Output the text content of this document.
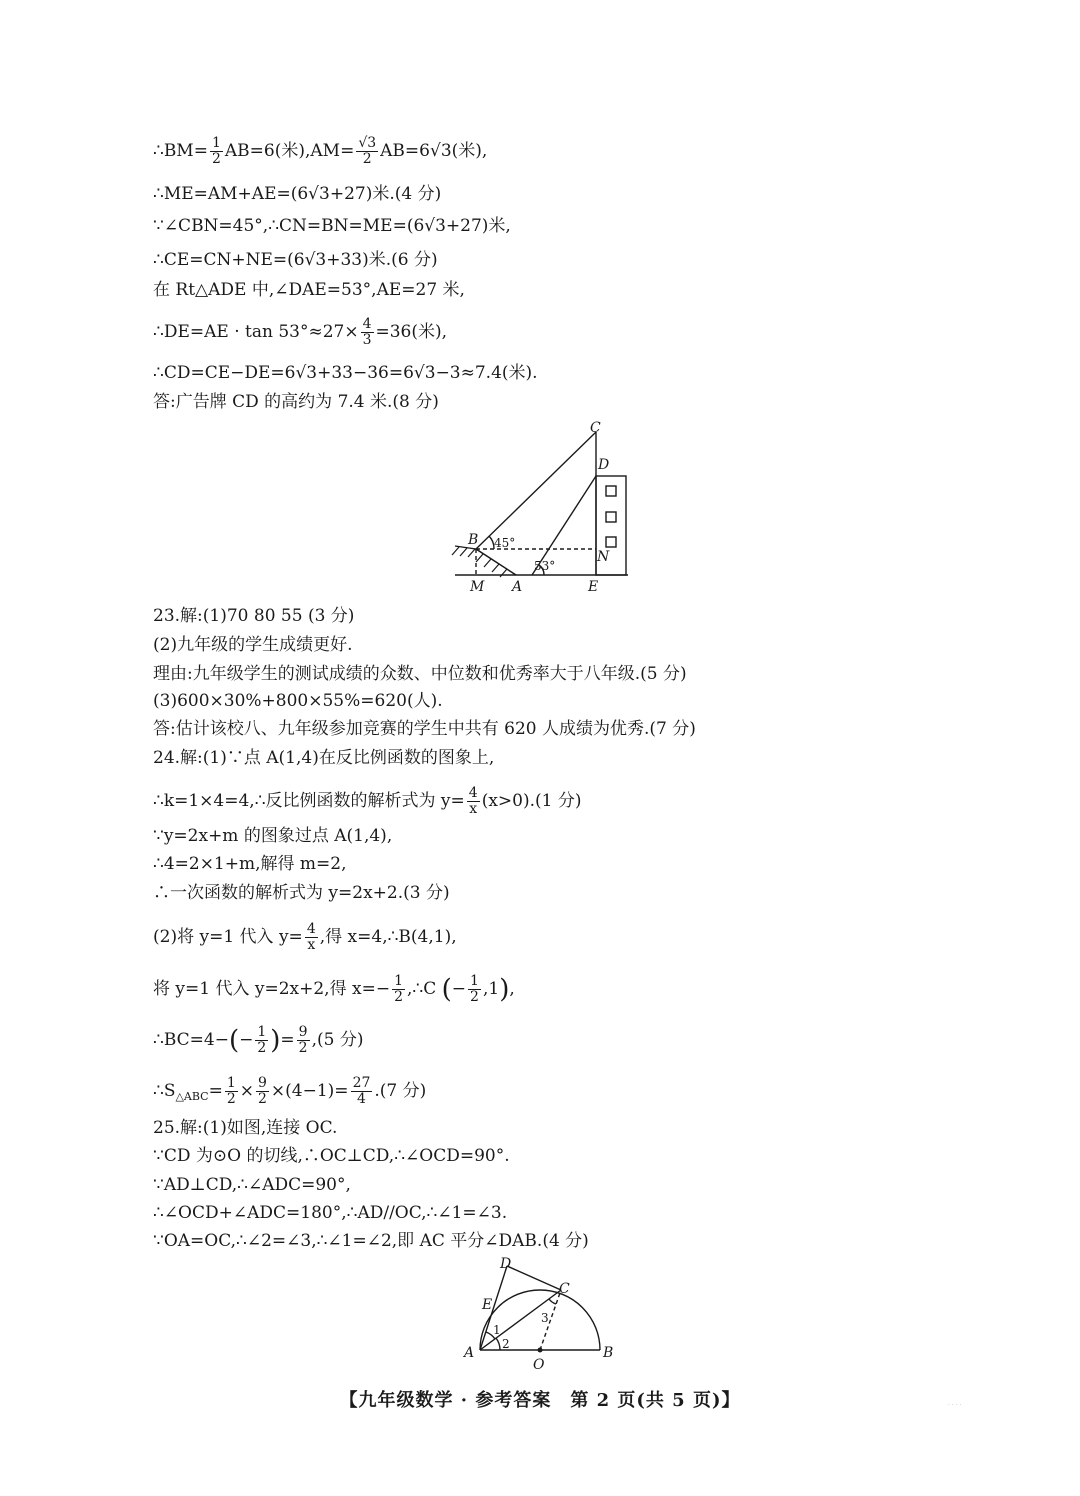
∴BM= $\frac{1}{2} AB=6$(米)$,AM= \frac{√3}{2} AB=6√3$(米),
∴ME=AM+AE=(6√3+27)米.(4 分)
∵∠CBN=45°,∴CN=BN=ME=(6√3+27)米,
∴CE=CN+NE=(6√3+33)米.(6 分)
在 Rt△ADE 中,∠DAE=53°,AE=27 米,
∴DE=AE · $\tan 53^\circ\approx 27\times \frac{4}{3} =36$(米),
∴CD=CE−DE=6√3+33−36=6√3−3≈7.4(米).
答:广告牌 CD 的高约为 7.4 米.(8 分)
C
D
B
N
M A	E
45°
53°
23.解:(1)70 80 55 (3 分)
(2)九年级的学生成绩更好.
理由:九年级学生的测试成绩的众数、中位数和优秀率大于八年级.(5 分)
(3)600×30%+800×55%=620(人).
答:估计该校八、九年级参加竞赛的学生中共有 620 人成绩为优秀.(7 分)
24.解:(1)∵点 A(1,4)在反比例函数的图象上,
∴k=1×4=4,∴反比例函数的解析式为 $y= \frac{4}{x} (x>0).(1$ 分)
∵y=2x+m 的图象过点 A(1,4),
∴4=2×1+m,解得 m=2,
∴一次函数的解析式为 y=2x+2.(3 分)
(2)将 y=1 代入 $y= \frac{4}{x}$ ,得 x=4,∴B(4,1),
将 y=1 代入 y=2x+2,得 $x=- \frac{1}{2}$ ,∴C (− $\frac{1}{2} ,1$),
∴BC=4−(− $\frac{1}{2}$ )= $\frac{9}{2} ,(5$ 分)
$\therefore S_{\triangle ABC}= \frac{1}{2} \times \frac{9}{2} \times(4-1)= \frac{27}{4} .(7$ 分)
25.解:(1)如图,连接 OC.
∵CD 为⊙O 的切线,∴OC⊥CD,∴∠OCD=90°.
∵AD⊥CD,∴∠ADC=90°,
∴∠OCD+∠ADC=180°,∴AD//OC,∴∠1=∠3.
∵OA=OC,∴∠2=∠3,∴∠1=∠2,即 AC 平分∠DAB.(4 分)
D
C
E
A
O
B
1
2
3
【九年级数学 · 参考答案　第 2 页(共 5 页)】	· · · ·
